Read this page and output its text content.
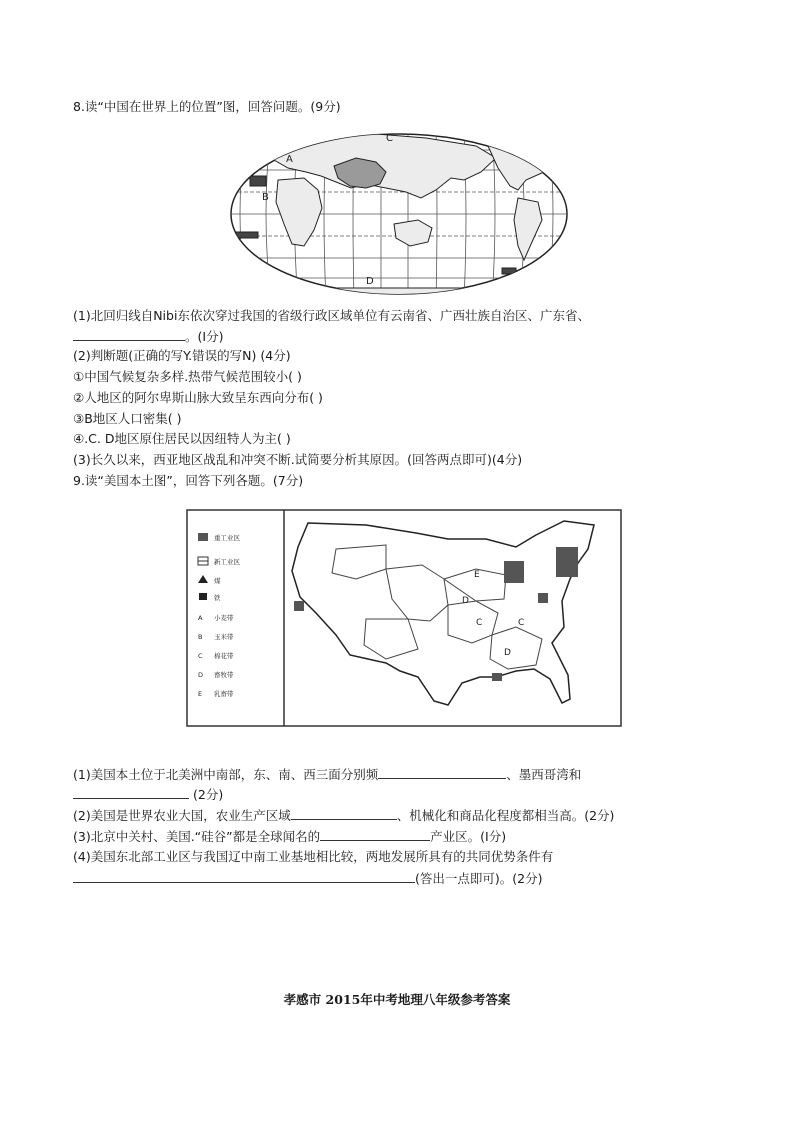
8.读“中国在世界上的位置”图，回答问题。(9分)
C
B
A
D
(1)北回归线自Nibi东依次穿过我国的省级行政区域单位有云南省、广西壮族自治区、广东省、
。(I分)
(2)判断题(正确的写Y.错误的写N) (4分)
①中国气候复杂多样.热带气候范围较小( )
②人地区的阿尔卑斯山脉大致呈东西向分布( )
③B地区人口密集( )
④.C. D地区原住居民以因纽特人为主( )
(3)长久以来，西亚地区战乱和冲突不断.试简要分析其原因。(回答两点即可)(4分)
9.读“美国本土图”，回答下列各题。(7分)
重工业区
新工业区
煤
铁
A 小麦带
B 玉米带
C 棉花带
D 畜牧带
E 乳畜带
E
D
C	C
D
(1)美国本土位于北美洲中南部，东、南、西三面分别频	、墨西哥湾和
(2分)
(2)美国是世界农业大国，农业生产区域	、机械化和商品化程度都相当高。(2分)
(3)北京中关村、美国.“硅谷”都是全球闻名的	产业区。(I分)
(4)美国东北部工业区与我国辽中南工业基地相比较，两地发展所具有的共同优势条件有
(答出一点即可)。(2分)
孝感市 2015年中考地理八年级参考答案
